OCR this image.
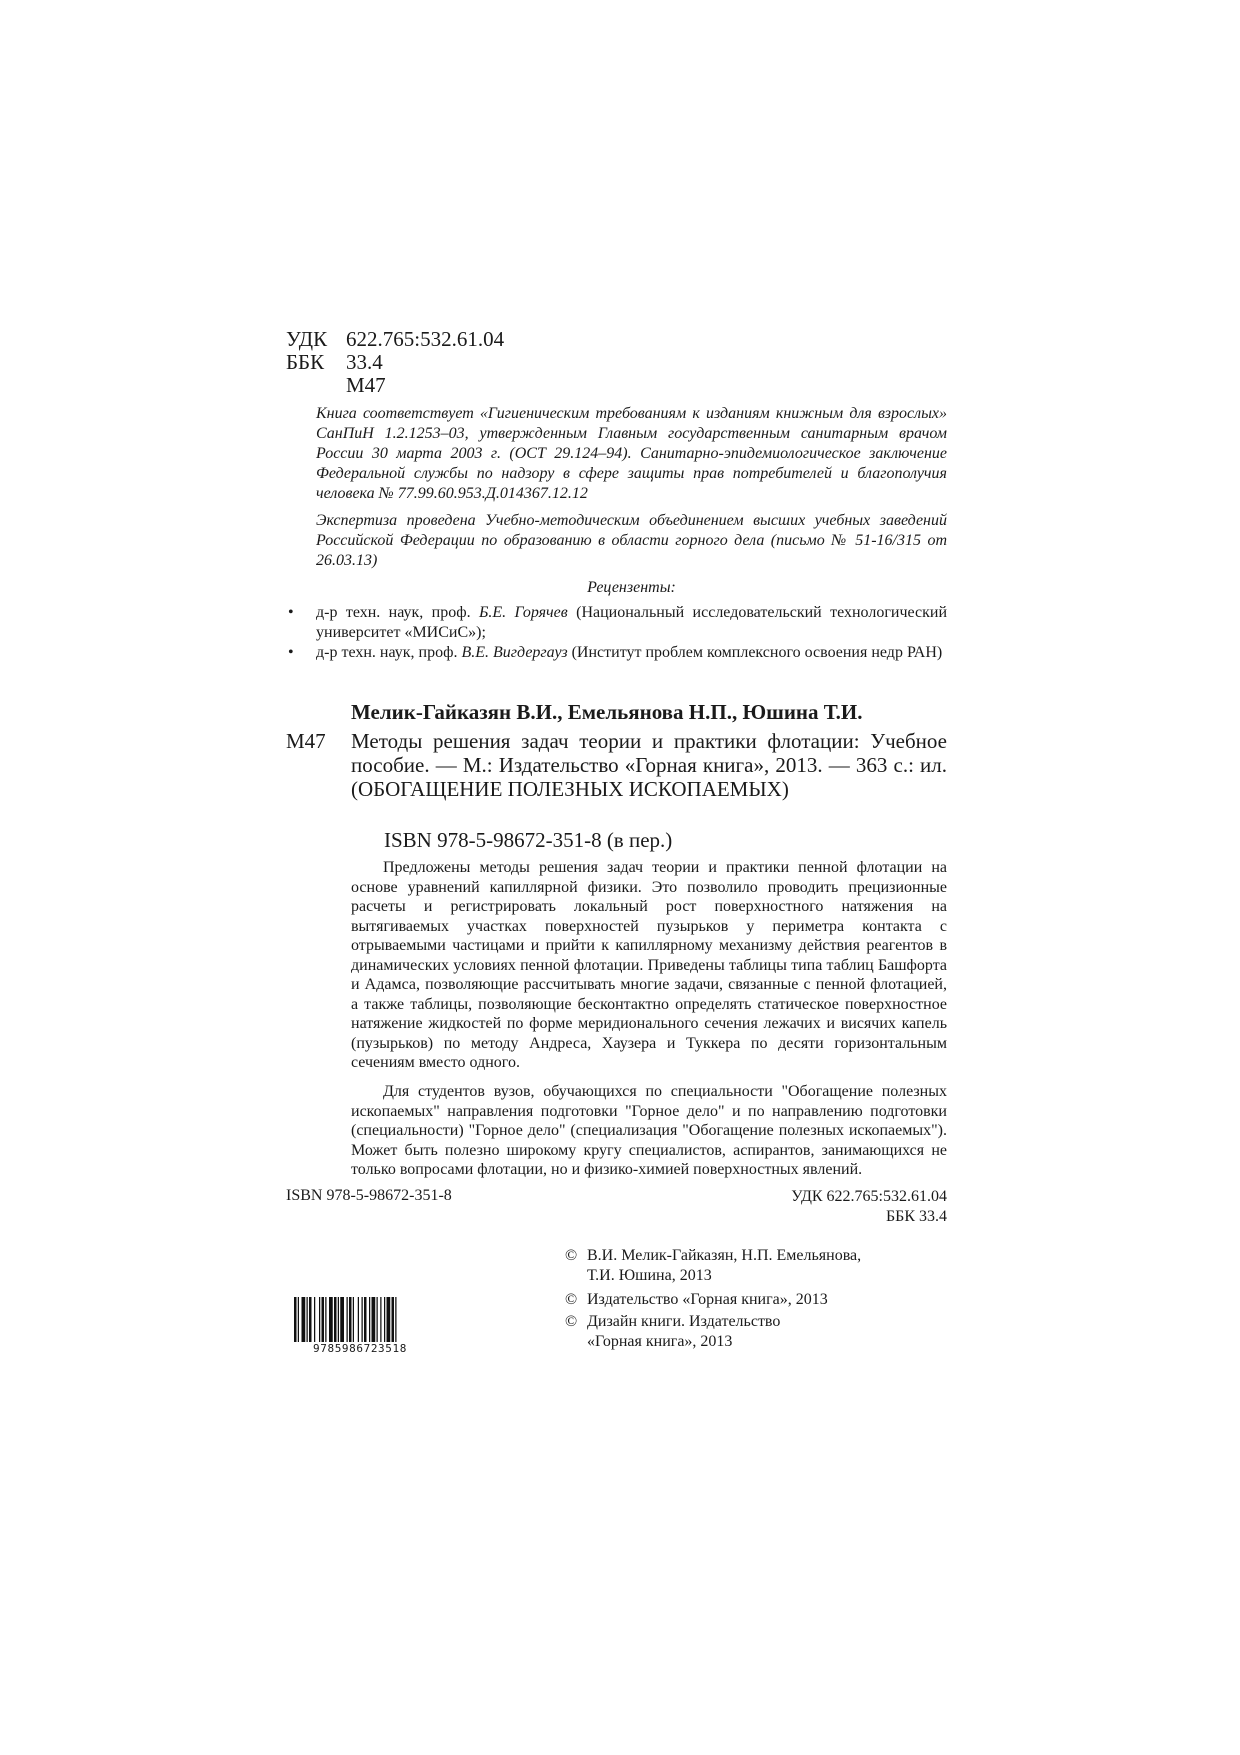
УДК 622.765:532.61.04
ББК 33.4
М47
Книга соответствует «Гигиеническим требованиям к изданиям книжным для взрослых» СанПиН 1.2.1253–03, утвержденным Главным государственным санитарным врачом России 30 марта 2003 г. (ОСТ 29.124–94). Санитарно-эпидемиологическое заключение Федеральной службы по надзору в сфере защиты прав потребителей и благополучия человека № 77.99.60.953.Д.014367.12.12
Экспертиза проведена Учебно-методическим объединением высших учебных заведений Российской Федерации по образованию в области горного дела (письмо № 51-16/315 от 26.03.13)
Рецензенты:
• д-р техн. наук, проф. Б.Е. Горячев (Национальный исследовательский технологический университет «МИСиС»);
• д-р техн. наук, проф. В.Е. Вигдергауз (Институт проблем комплексного освоения недр РАН)
Мелик-Гайказян В.И., Емельянова Н.П., Юшина Т.И.
М47 Методы решения задач теории и практики флотации: Учебное пособие. — М.: Издательство «Горная книга», 2013. — 363 с.: ил. (ОБОГАЩЕНИЕ ПОЛЕЗНЫХ ИСКОПАЕМЫХ)
ISBN 978-5-98672-351-8 (в пер.)

Предложены методы решения задач теории и практики пенной флотации на основе уравнений капиллярной физики. Это позволило проводить прецизионные расчеты и регистрировать локальный рост поверхностного натяжения на вытягиваемых участках поверхностей пузырьков у периметра контакта с отрываемыми частицами и прийти к капиллярному механизму действия реагентов в динамических условиях пенной флотации. Приведены таблицы типа таблиц Башфорта и Адамса, позволяющие рассчитывать многие задачи, связанные с пенной флотацией, а также таблицы, позволяющие бесконтактно определять статическое поверхностное натяжение жидкостей по форме меридионального сечения лежачих и висячих капель (пузырьков) по методу Андреса, Хаузера и Туккера по десяти горизонтальным сечениям вместо одного.

Для студентов вузов, обучающихся по специальности "Обогащение полезных ископаемых" направления подготовки "Горное дело" и по направлению подготовки (специальности) "Горное дело" (специализация "Обогащение полезных ископаемых"). Может быть полезно широкому кругу специалистов, аспирантов, занимающихся не только вопросами флотации, но и физико-химией поверхностных явлений.

ISBN 978-5-98672-351-8	УДК 622.765:532.61.04
ББК 33.4
© В.И. Мелик-Гайказян, Н.П. Емельянова,
Т.И. Юшина, 2013
© Издательство «Горная книга», 2013
© Дизайн книги. Издательство
«Горная книга», 2013
9785986723518
